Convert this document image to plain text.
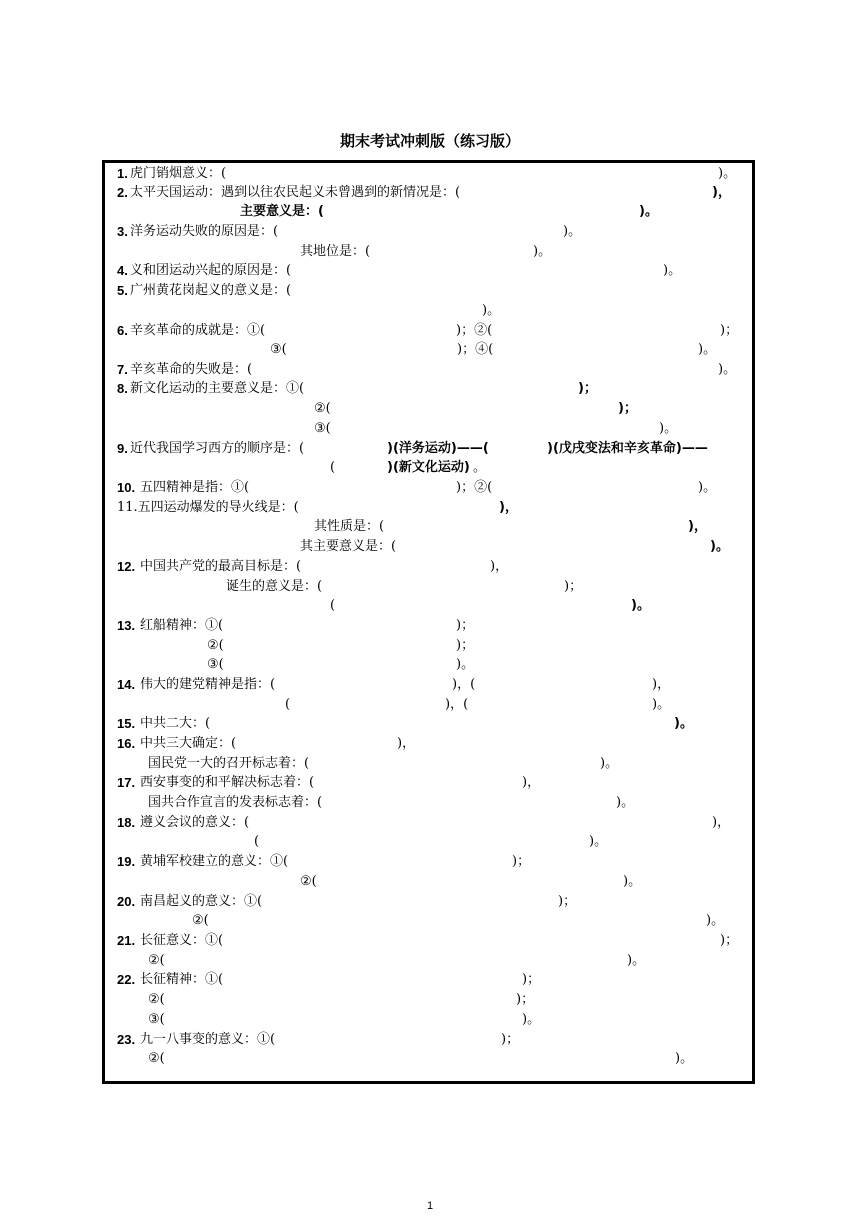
期末考试冲刺版（练习版）
1. 虎门销烟意义：(	)。
2. 太平天国运动：遇到以往农民起义未曾遇到的新情况是：(	)，
主要意义是：(	)。
3. 洋务运动失败的原因是：(	)。
其地位是：(	)。
4. 义和团运动兴起的原因是：(	)。
5. 广州黄花岗起义的意义是：(
)。
6. 辛亥革命的成就是：①(	)；②(	)；
③(	)；④(	)。
7. 辛亥革命的失败是：(	)。
8. 新文化运动的主要意义是：①(	)；
②(	)；
③(	)。
9. 近代我国学习西方的顺序是：(	)(洋务运动)——(	)(戊戌变法和辛亥革命)——
(	)(新文化运动) 。
10. 五四精神是指：①(	)；②(	)。
11.五四运动爆发的导火线是：(	)，
其性质是：(	)，
其主要意义是：(	)。
12. 中国共产党的最高目标是：(	)，
诞生的意义是：(	)；
(	)。
13. 红船精神：①(	)；
②(	)；
③(	)。
14. 伟大的建党精神是指：(	)，(	)，
(	)，(	)。
15. 中共二大：(	)。
16. 中共三大确定：(	)，
国民党一大的召开标志着：(	)。
17. 西安事变的和平解决标志着：(	)，
国共合作宣言的发表标志着：(	)。
18. 遵义会议的意义：(	)，
(	)。
19. 黄埔军校建立的意义：①(	)；
②(	)。
20. 南昌起义的意义：①(	)；
②(	)。
21. 长征意义：①(	)；
②(	)。
22. 长征精神：①(	)；
②(	)；
③(	)。
23. 九一八事变的意义：①(	)；
②(	)。
1
